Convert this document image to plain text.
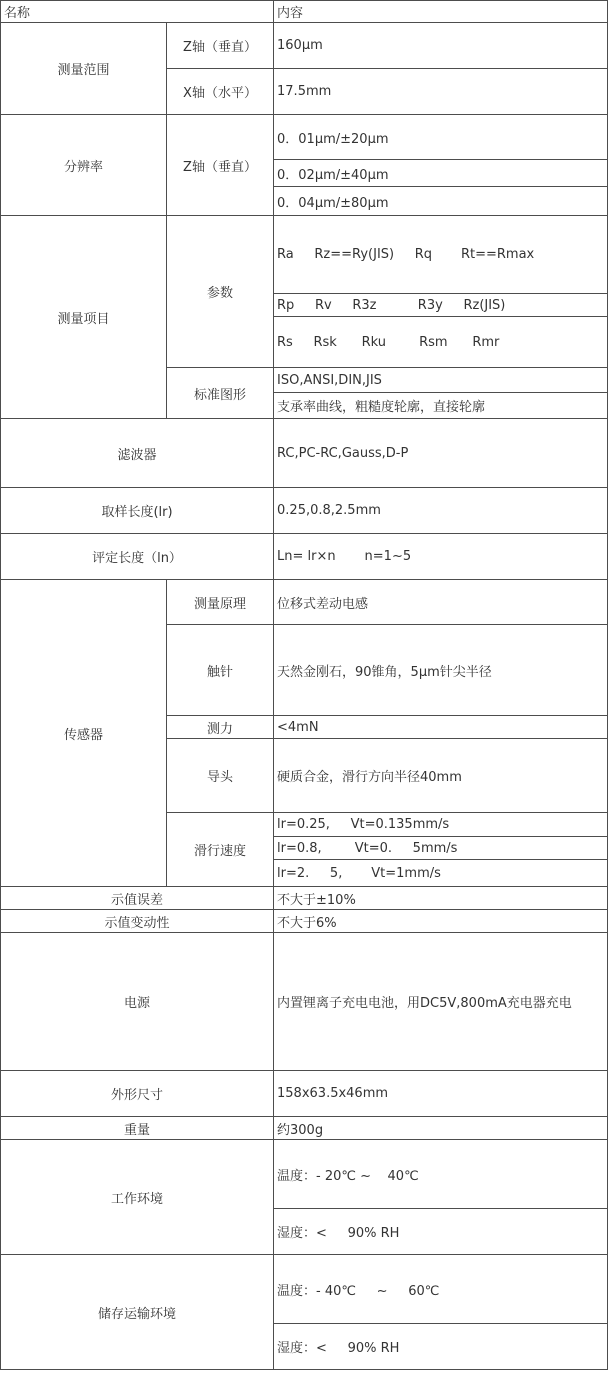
名称		内容
测量范围	Z轴（垂直）	160μm
	X轴（水平）	17.5mm
分辨率	Z轴（垂直）	0．01μm/±20μm
		0．02μm/±40μm
		0．04μm/±80μm
测量项目	参数	Ra     Rz==Ry(JIS)     Rq       Rt==Rmax
		Rp     Rv     R3z          R3y     Rz(JIS)
		Rs     Rsk      Rku        Rsm      Rmr
	标准图形	ISO,ANSI,DIN,JIS
		支承率曲线，粗糙度轮廓，直接轮廓
滤波器		RC,PC-RC,Gauss,D-P
取样长度(lr)		0.25,0.8,2.5mm
评定长度（ln）		Ln= lr×n       n=1~5
传感器	测量原理	位移式差动电感
	触针	天然金刚石，90锥角，5μm针尖半径
	测力	<4mN
	导头	硬质合金，滑行方向半径40mm
	滑行速度	lr=0.25,     Vt=0.135mm/s
		lr=0.8,        Vt=0.     5mm/s
		lr=2.     5,       Vt=1mm/s
示值误差		不大于±10%
示值变动性		不大于6%
电源		内置锂离子充电电池，用DC5V,800mA充电器充电
外形尺寸		158x63.5x46mm
重量		约300g
工作环境		温度：- 20℃ ~    40℃
		湿度：<     90% RH
储存运输环境		温度：- 40℃     ~     60℃
		湿度：<     90% RH
